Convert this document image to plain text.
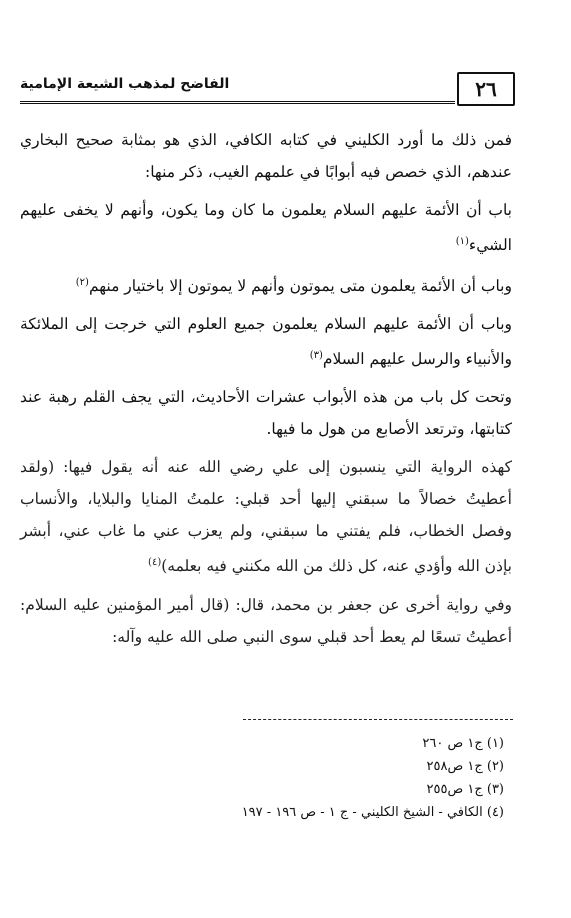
٢٦
الفاضح لمذهب الشيعة الإمامية

فمن ذلك ما أورد الكليني في كتابه الكافي، الذي هو بمثابة صحيح البخاري عندهم، الذي خصص فيه أبوابًا في علمهم الغيب، ذكر منها:

باب أن الأئمة عليهم السلام يعلمون ما كان وما يكون، وأنهم لا يخفى عليهم الشيء$^{(١)}$

وباب أن الأئمة يعلمون متى يموتون وأنهم لا يموتون إلا باختيار منهم$^{(٢)}$

وباب أن الأئمة عليهم السلام يعلمون جميع العلوم التي خرجت إلى الملائكة والأنبياء والرسل عليهم السلام$^{(٣)}$

وتحت كل باب من هذه الأبواب عشرات الأحاديث، التي يجف القلم رهبة عند كتابتها، وترتعد الأصابع من هول ما فيها.

كهذه الرواية التي ينسبون إلى علي رضي الله عنه أنه يقول فيها: (ولقد أعطيتُ خصالاً ما سبقني إليها أحد قبلي: علمتُ المنايا والبلايا، والأنساب وفصل الخطاب، فلم يفتني ما سبقني، ولم يعزب عني ما غاب عني، أبشر بإذن الله وأؤدي عنه، كل ذلك من الله مكنني فيه بعلمه)$^{(٤)}$

وفي رواية أخرى عن جعفر بن محمد، قال: (قال أمير المؤمنين عليه السلام: أعطيتُ تسعًا لم يعط أحد قبلي سوى النبي صلى الله عليه وآله:

(١) ج١ ص ٢٦٠
(٢) ج١ ص٢٥٨
(٣) ج١ ص٢٥٥
(٤) الكافي - الشيخ الكليني - ج ١ - ص ١٩٦ - ١٩٧
